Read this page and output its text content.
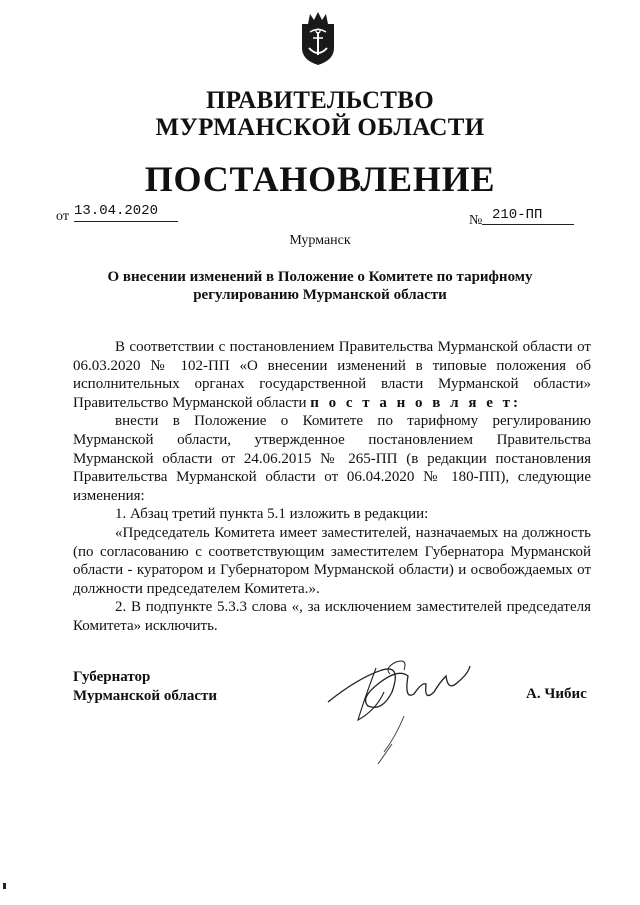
ПРАВИТЕЛЬСТВО
МУРМАНСКОЙ ОБЛАСТИ
ПОСТАНОВЛЕНИЕ
от 13.04.2020
№ 210-ПП
Мурманск
О внесении изменений в Положение о Комитете по тарифному
регулированию Мурманской области

В соответствии с постановлением Правительства Мурманской области от 06.03.2020 № 102-ПП «О внесении изменений в типовые положения об исполнительных органах государственной власти Мурманской области» Правительство Мурманской области п о с т а н о в л я е т:

внести в Положение о Комитете по тарифному регулированию Мурманской области, утвержденное постановлением Правительства Мурманской области от 24.06.2015 № 265-ПП (в редакции постановления Правительства Мурманской области от 06.04.2020 № 180-ПП), следующие изменения:

1. Абзац третий пункта 5.1 изложить в редакции:

«Председатель Комитета имеет заместителей, назначаемых на должность (по согласованию с соответствующим заместителем Губернатора Мурманской области - куратором и Губернатором Мурманской области) и освобождаемых от должности председателем Комитета.».

2. В подпункте 5.3.3 слова «, за исключением заместителей председателя Комитета» исключить.

Губернатор
Мурманской области	А. Чибис
